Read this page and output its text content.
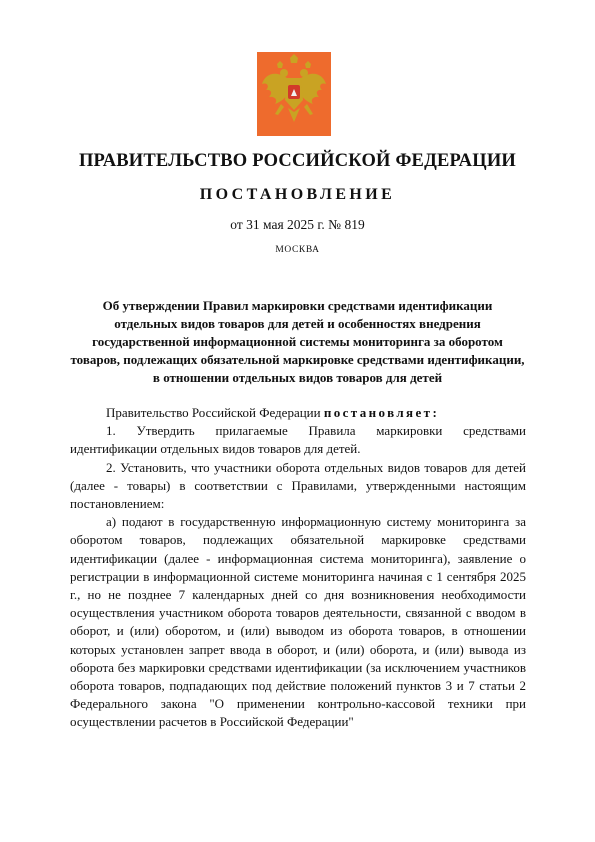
ПРАВИТЕЛЬСТВО РОССИЙСКОЙ ФЕДЕРАЦИИ
ПОСТАНОВЛЕНИЕ
от 31 мая 2025 г. № 819
МОСКВА
Об утверждении Правил маркировки средствами идентификации отдельных видов товаров для детей и особенностях внедрения государственной информационной системы мониторинга за оборотом товаров, подлежащих обязательной маркировке средствами идентификации, в отношении отдельных видов товаров для детей

Правительство Российской Федерации постановляет:

1. Утвердить прилагаемые Правила маркировки средствами идентификации отдельных видов товаров для детей.

2. Установить, что участники оборота отдельных видов товаров для детей (далее - товары) в соответствии с Правилами, утвержденными настоящим постановлением:

а) подают в государственную информационную систему мониторинга за оборотом товаров, подлежащих обязательной маркировке средствами идентификации (далее - информационная система мониторинга), заявление о регистрации в информационной системе мониторинга начиная с 1 сентября 2025 г., но не позднее 7 календарных дней со дня возникновения необходимости осуществления участником оборота товаров деятельности, связанной с вводом в оборот, и (или) оборотом, и (или) выводом из оборота товаров, в отношении которых установлен запрет ввода в оборот, и (или) оборота, и (или) вывода из оборота без маркировки средствами идентификации (за исключением участников оборота товаров, подпадающих под действие положений пунктов 3 и 7 статьи 2 Федерального закона "О применении контрольно-кассовой техники при осуществлении расчетов в Российской Федерации"
